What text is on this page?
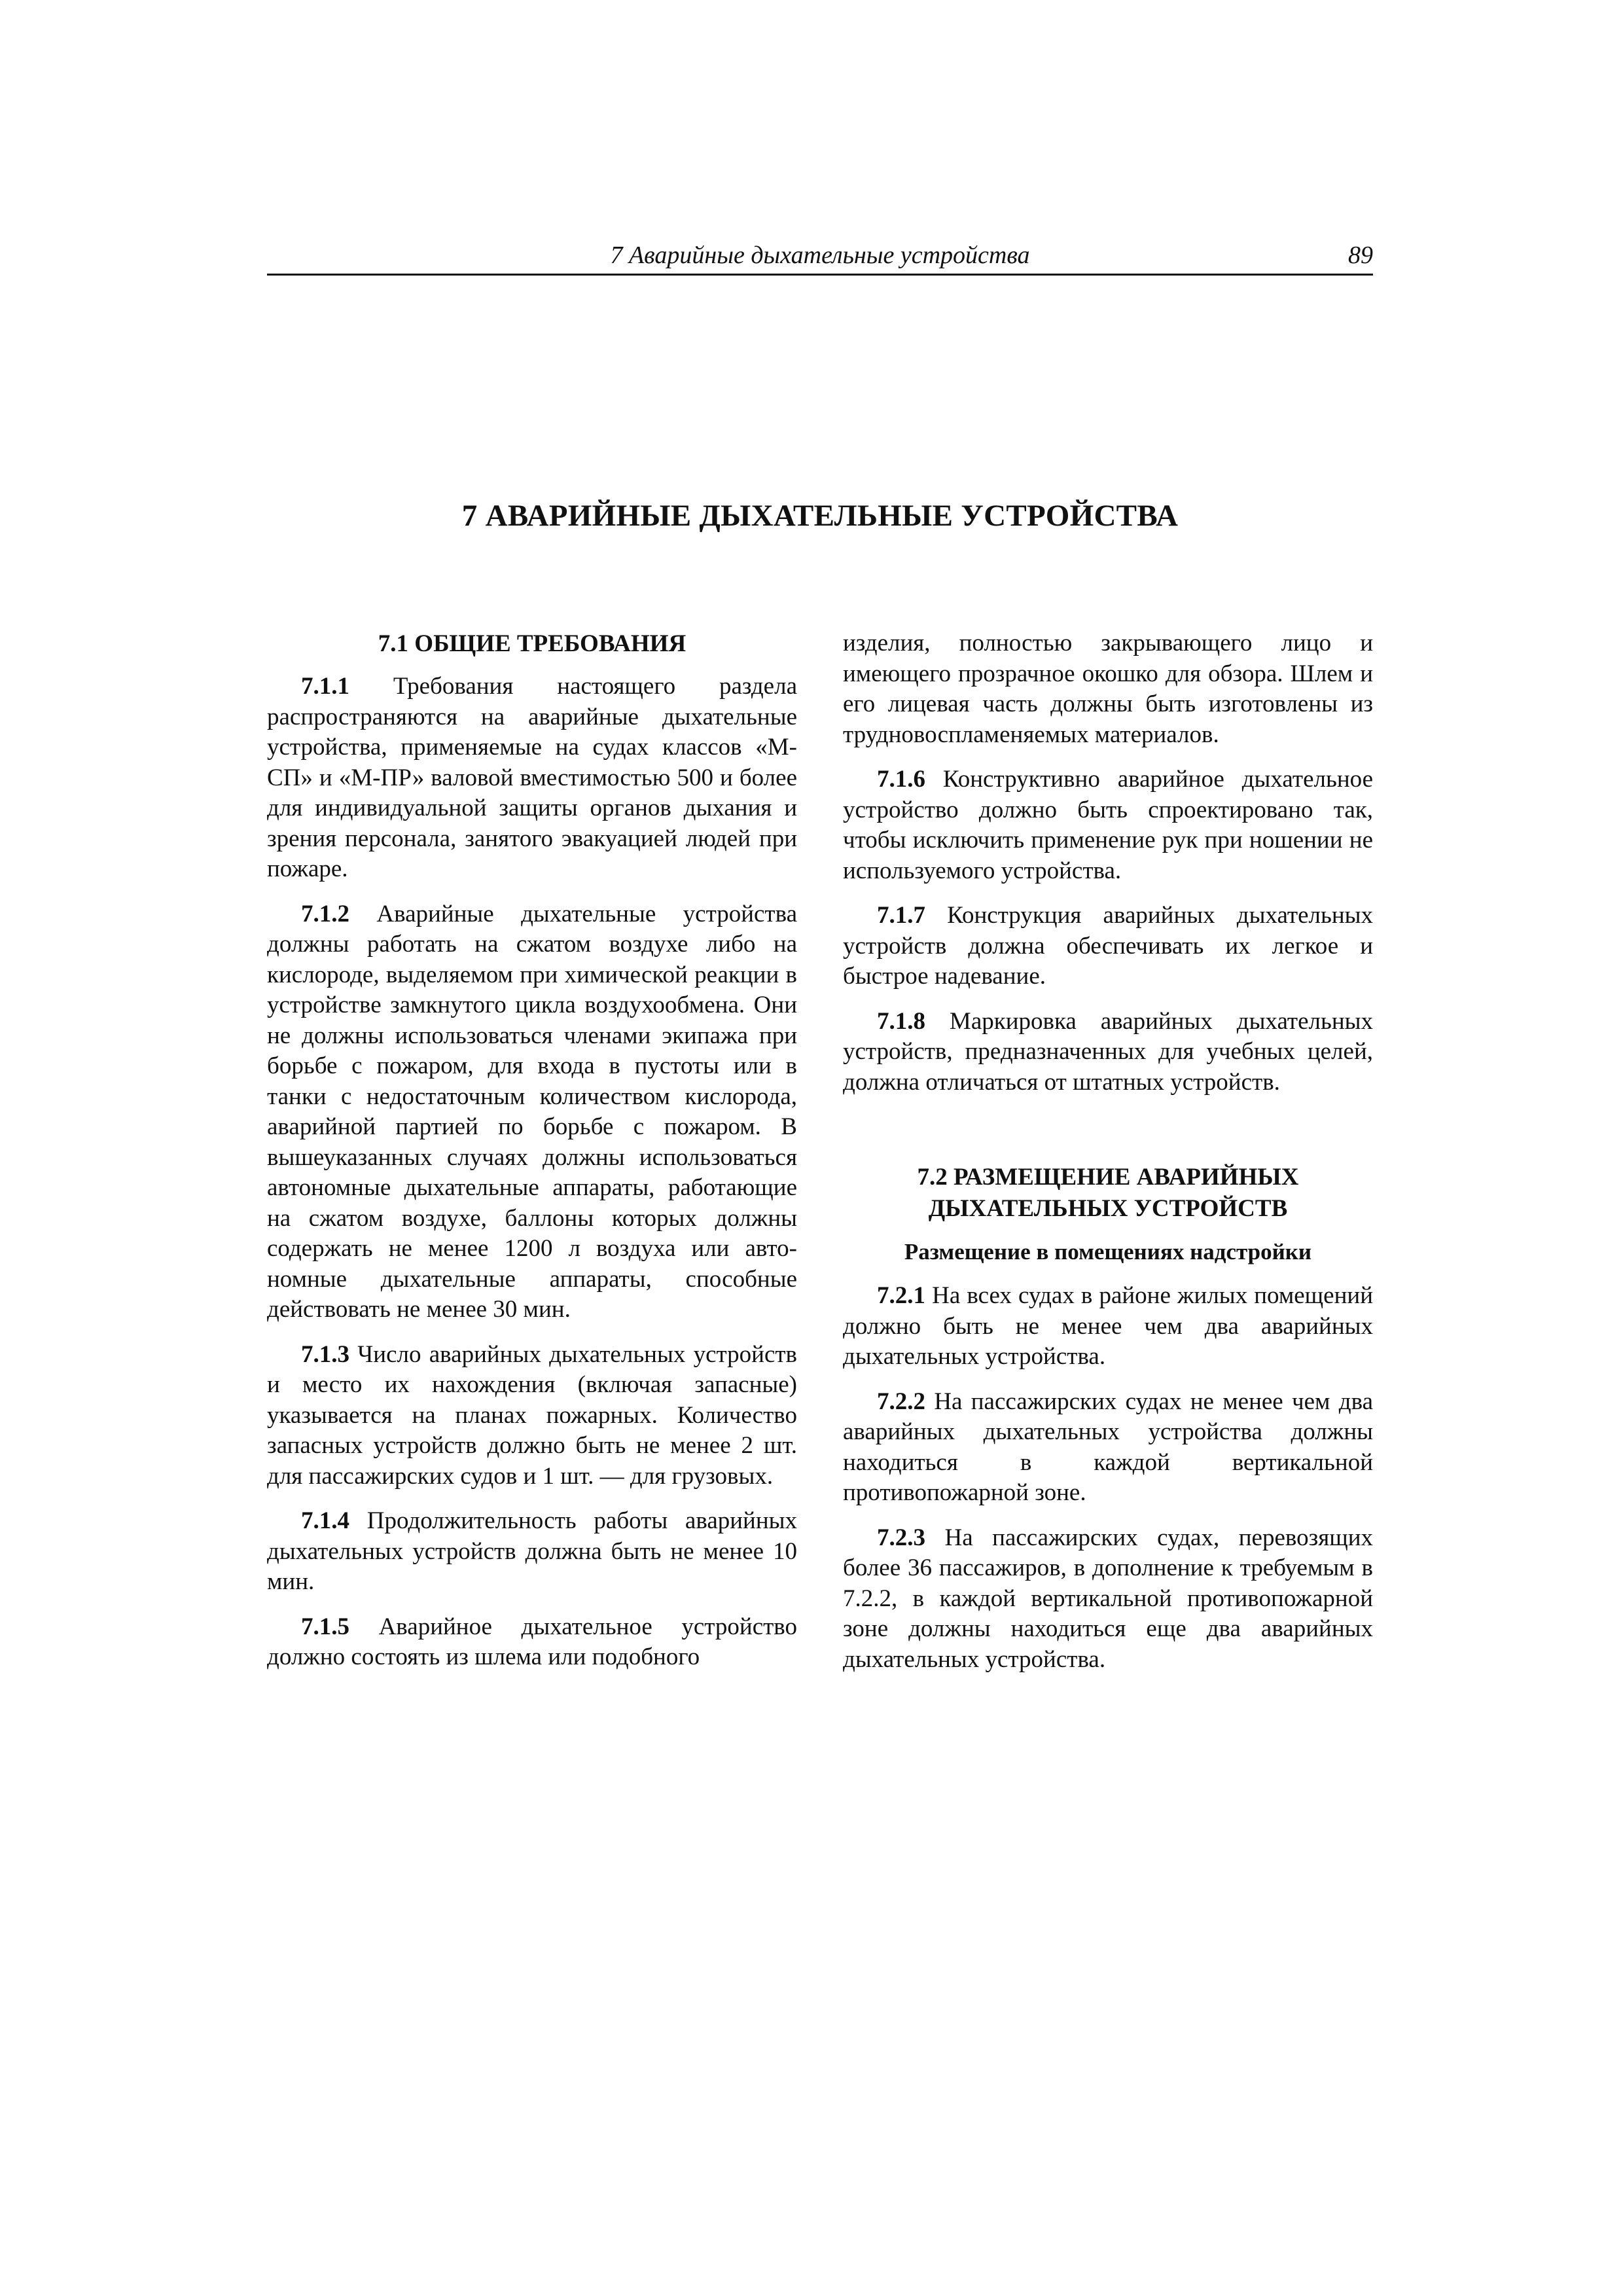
7 Аварийные дыхательные устройства	89
7 АВАРИЙНЫЕ ДЫХАТЕЛЬНЫЕ УСТРОЙСТВА
7.1 ОБЩИЕ ТРЕБОВАНИЯ

7.1.1 Требования настоящего раздела распространяются на аварийные дыхательные устройства, применяемые на судах классов «М-СП» и «М-ПР» валовой вместимостью 500 и более для индивидуальной защиты органов дыхания и зрения персонала, занятого эвакуацией людей при пожаре.

7.1.2 Аварийные дыхательные устройства должны работать на сжатом воздухе либо на кислороде, выделяемом при химической реакции в устройстве замкнутого цикла воздухообмена. Они не должны использоваться членами экипажа при борьбе с пожаром, для входа в пустоты или в танки с недостаточным количеством кислорода, аварийной партией по борьбе с пожаром. В вышеуказанных случаях должны использоваться автономные дыхательные аппараты, работающие на сжатом воздухе, баллоны которых должны содержать не менее 1200 л воздуха или автономные дыхательные аппараты, способные действовать не менее 30 мин.

7.1.3 Число аварийных дыхательных устройств и место их нахождения (включая запасные) указывается на планах пожарных. Количество запасных устройств должно быть не менее 2 шт. для пассажирских судов и 1 шт. — для грузовых.

7.1.4 Продолжительность работы аварийных дыхательных устройств должна быть не менее 10 мин.

7.1.5 Аварийное дыхательное устройство должно состоять из шлема или подобного

изделия, полностью закрывающего лицо и имеющего прозрачное окошко для обзора. Шлем и его лицевая часть должны быть изготовлены из трудновоспламеняемых материалов.

7.1.6 Конструктивно аварийное дыхательное устройство должно быть спроектировано так, чтобы исключить применение рук при ношении не используемого устройства.

7.1.7 Конструкция аварийных дыхательных устройств должна обеспечивать их легкое и быстрое надевание.

7.1.8 Маркировка аварийных дыхательных устройств, предназначенных для учебных целей, должна отличаться от штатных устройств.

7.2 РАЗМЕЩЕНИЕ АВАРИЙНЫХ
ДЫХАТЕЛЬНЫХ УСТРОЙСТВ
Размещение в помещениях надстройки

7.2.1 На всех судах в районе жилых помещений должно быть не менее чем два аварийных дыхательных устройства.

7.2.2 На пассажирских судах не менее чем два аварийных дыхательных устройства должны находиться в каждой вертикальной противопожарной зоне.

7.2.3 На пассажирских судах, перевозящих более 36 пассажиров, в дополнение к требуемым в 7.2.2, в каждой вертикальной противопожарной зоне должны находиться еще два аварийных дыхательных устройства.
